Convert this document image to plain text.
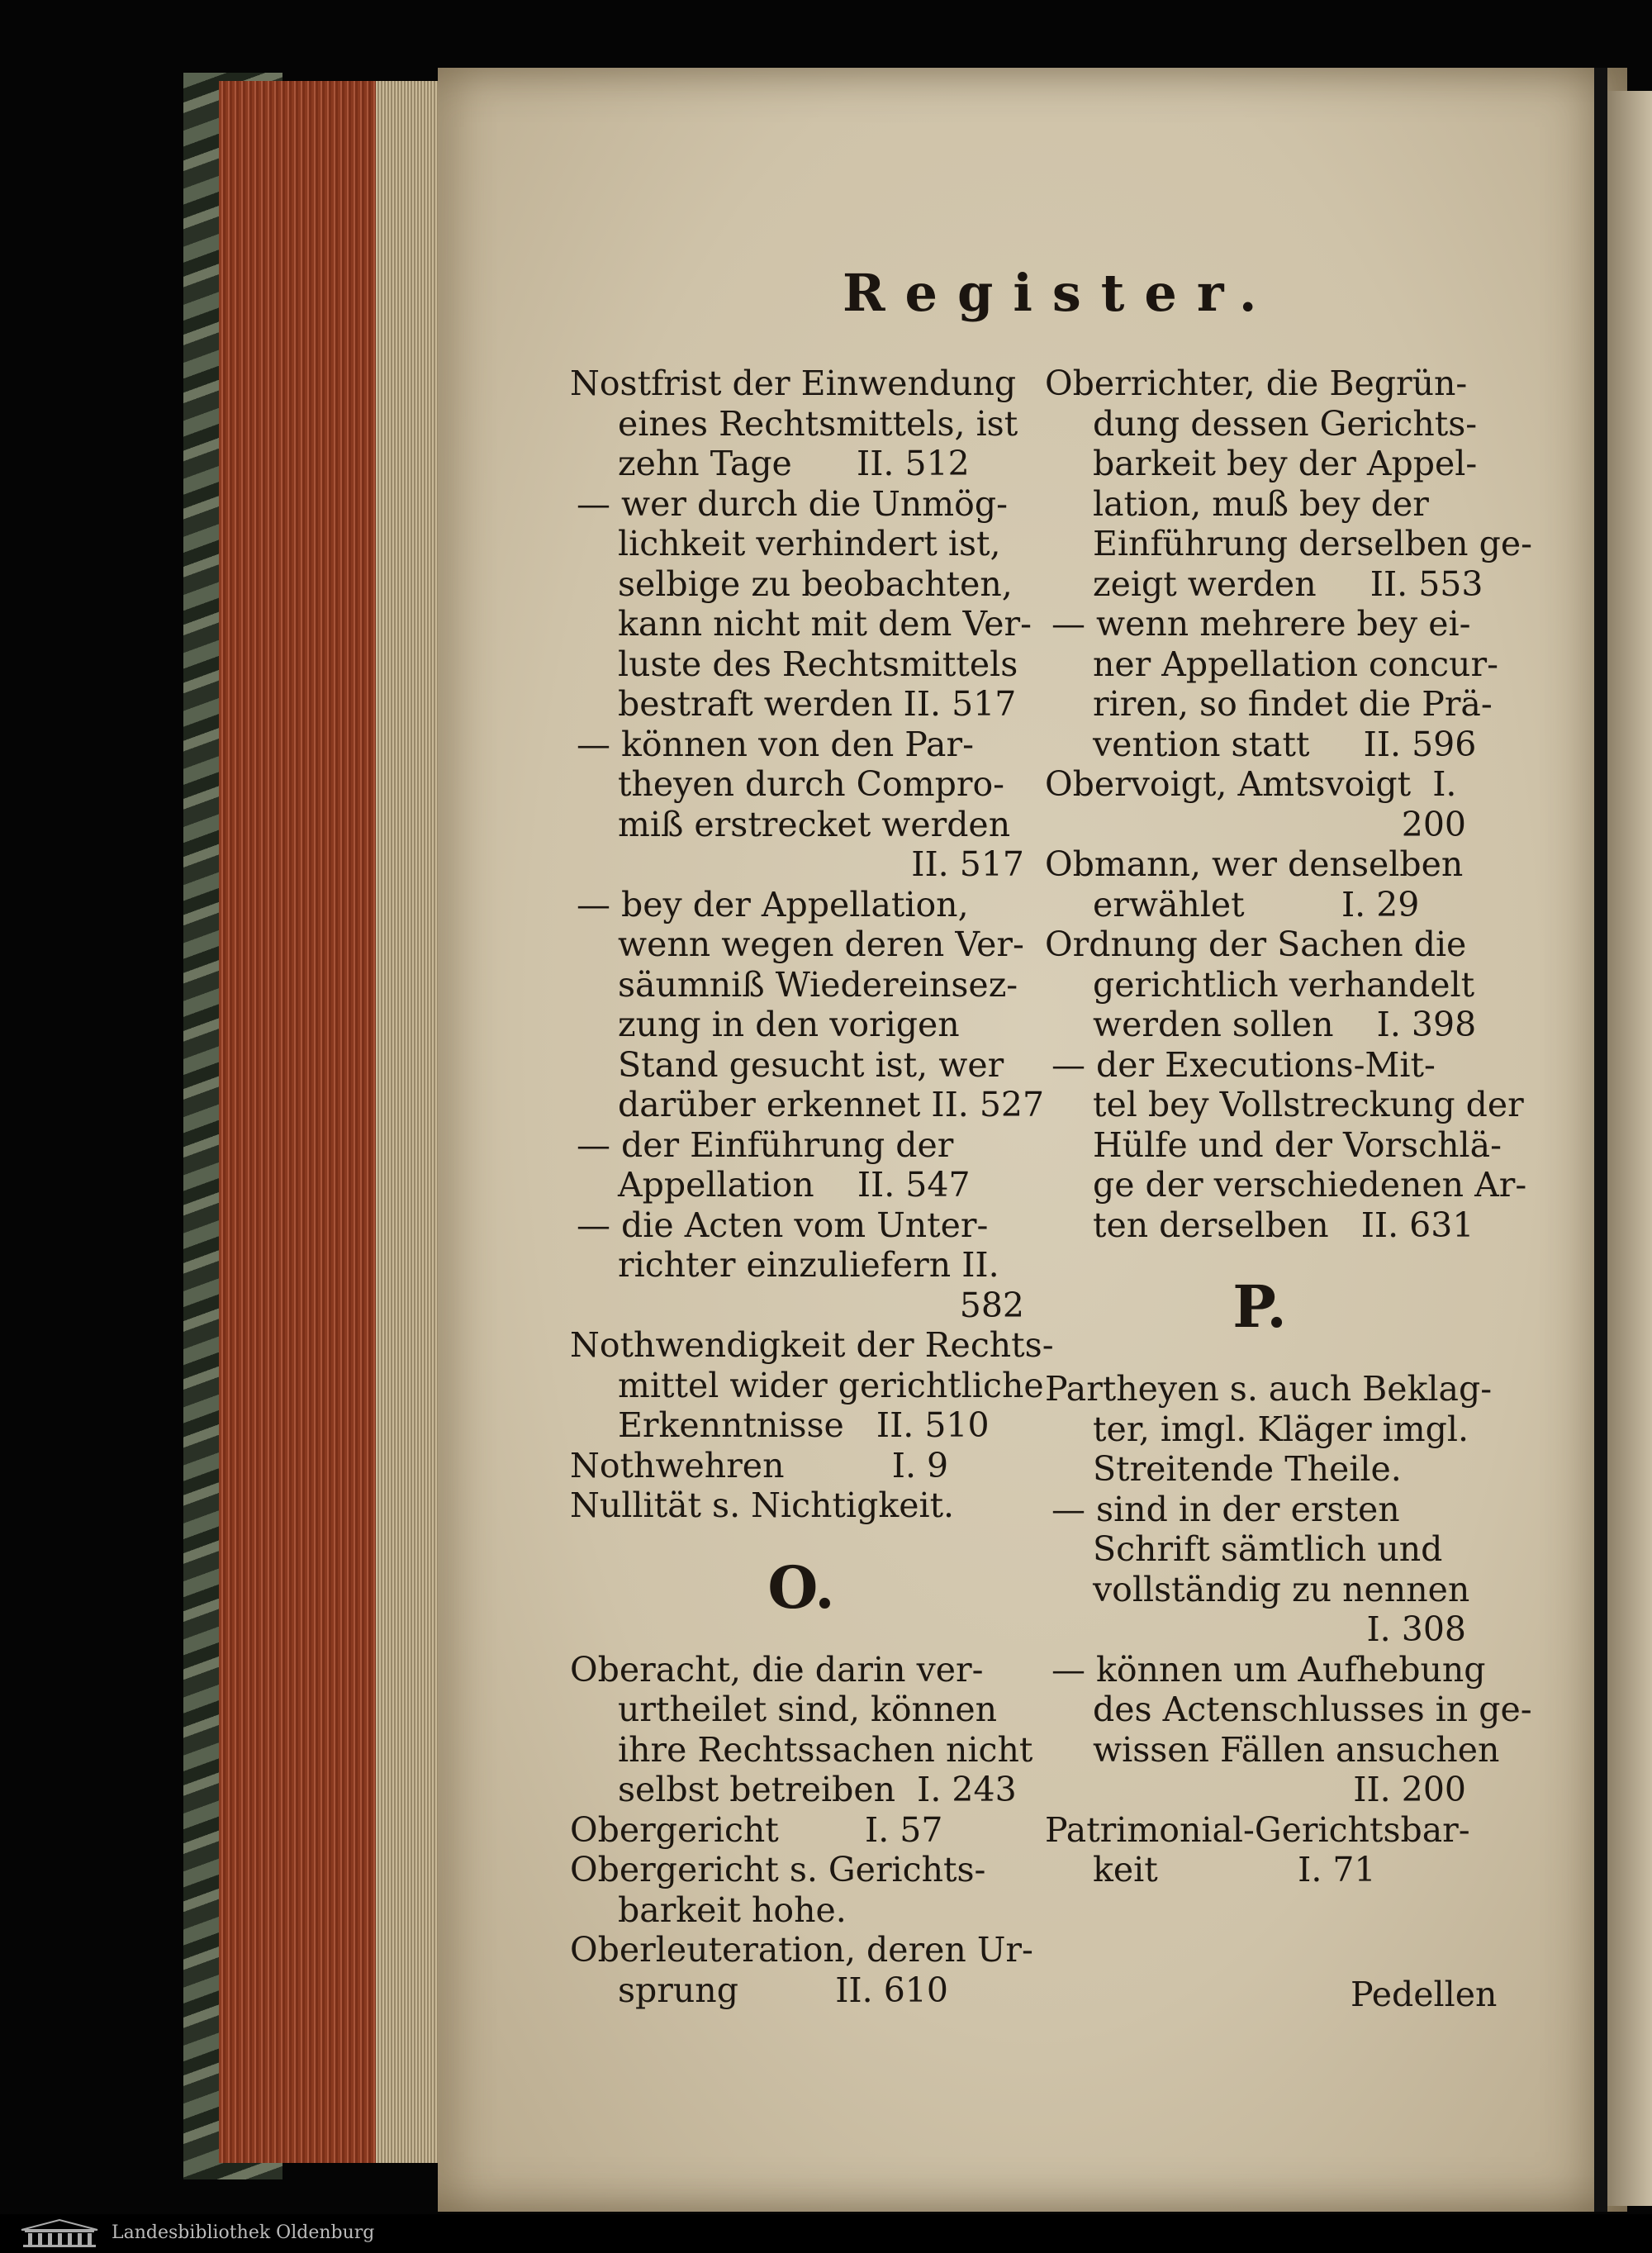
Register.
Nostfrist der Einwendung
eines Rechtsmittels, ist
zehn Tage      II. 512
— wer durch die Unmög-
lichkeit verhindert ist,
selbige zu beobachten,
kann nicht mit dem Ver-
luste des Rechtsmittels
bestraft werden II. 517
— können von den Par-
theyen durch Compro-
miß erstrecket werden
II. 517
— bey der Appellation,
wenn wegen deren Ver-
säumniß Wiedereinsez-
zung in den vorigen
Stand gesucht ist, wer
darüber erkennet II. 527
— der Einführung der
Appellation    II. 547
— die Acten vom Unter-
richter einzuliefern II.
582
Nothwendigkeit der Rechts-
mittel wider gerichtliche
Erkenntnisse   II. 510
Nothwehren          I. 9
Nullität s. Nichtigkeit.
O.
Oberacht, die darin ver-
urtheilet sind, können
ihre Rechtssachen nicht
selbst betreiben  I. 243
Obergericht        I. 57
Obergericht s. Gerichts-
barkeit hohe.
Oberleuteration, deren Ur-
sprung         II. 610
Oberrichter, die Begrün-
dung dessen Gerichts-
barkeit bey der Appel-
lation, muß bey der
Einführung derselben ge-
zeigt werden     II. 553
— wenn mehrere bey ei-
ner Appellation concur-
riren, so findet die Prä-
vention statt     II. 596
Obervoigt, Amtsvoigt  I.
200
Obmann, wer denselben
erwählet         I. 29
Ordnung der Sachen die
gerichtlich verhandelt
werden sollen    I. 398
— der Executions-Mit-
tel bey Vollstreckung der
Hülfe und der Vorschlä-
ge der verschiedenen Ar-
ten derselben   II. 631
P.
Partheyen s. auch Beklag-
ter, imgl. Kläger imgl.
Streitende Theile.
— sind in der ersten
Schrift sämtlich und
vollständig zu nennen
I. 308
— können um Aufhebung
des Actenschlusses in ge-
wissen Fällen ansuchen
II. 200
Patrimonial-Gerichtsbar-
keit             I. 71
Pedellen
Landesbibliothek Oldenburg
